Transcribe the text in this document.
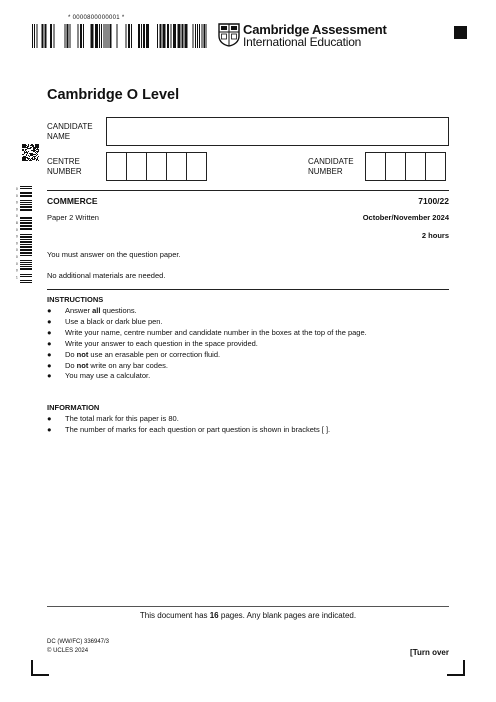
* 0000800000001 *
Cambridge Assessment
International Education
Cambridge O Level
CANDIDATE
NAME
CENTRE
NUMBER
CANDIDATE
NUMBER
0
0
0
0
0
8
0
0
0
0
0
0
0
1
COMMERCE	7100/22
Paper 2 Written	October/November 2024
2 hours
You must answer on the question paper.
No additional materials are needed.
INSTRUCTIONS
● Answer all questions.
● Use a black or dark blue pen.
● Write your name, centre number and candidate number in the boxes at the top of the page.
● Write your answer to each question in the space provided.
● Do not use an erasable pen or correction fluid.
● Do not write on any bar codes.
● You may use a calculator.
INFORMATION
● The total mark for this paper is 80.
● The number of marks for each question or part question is shown in brackets [ ].
This document has 16 pages. Any blank pages are indicated.
DC (WW/FC) 336947/3
© UCLES 2024	[Turn over
